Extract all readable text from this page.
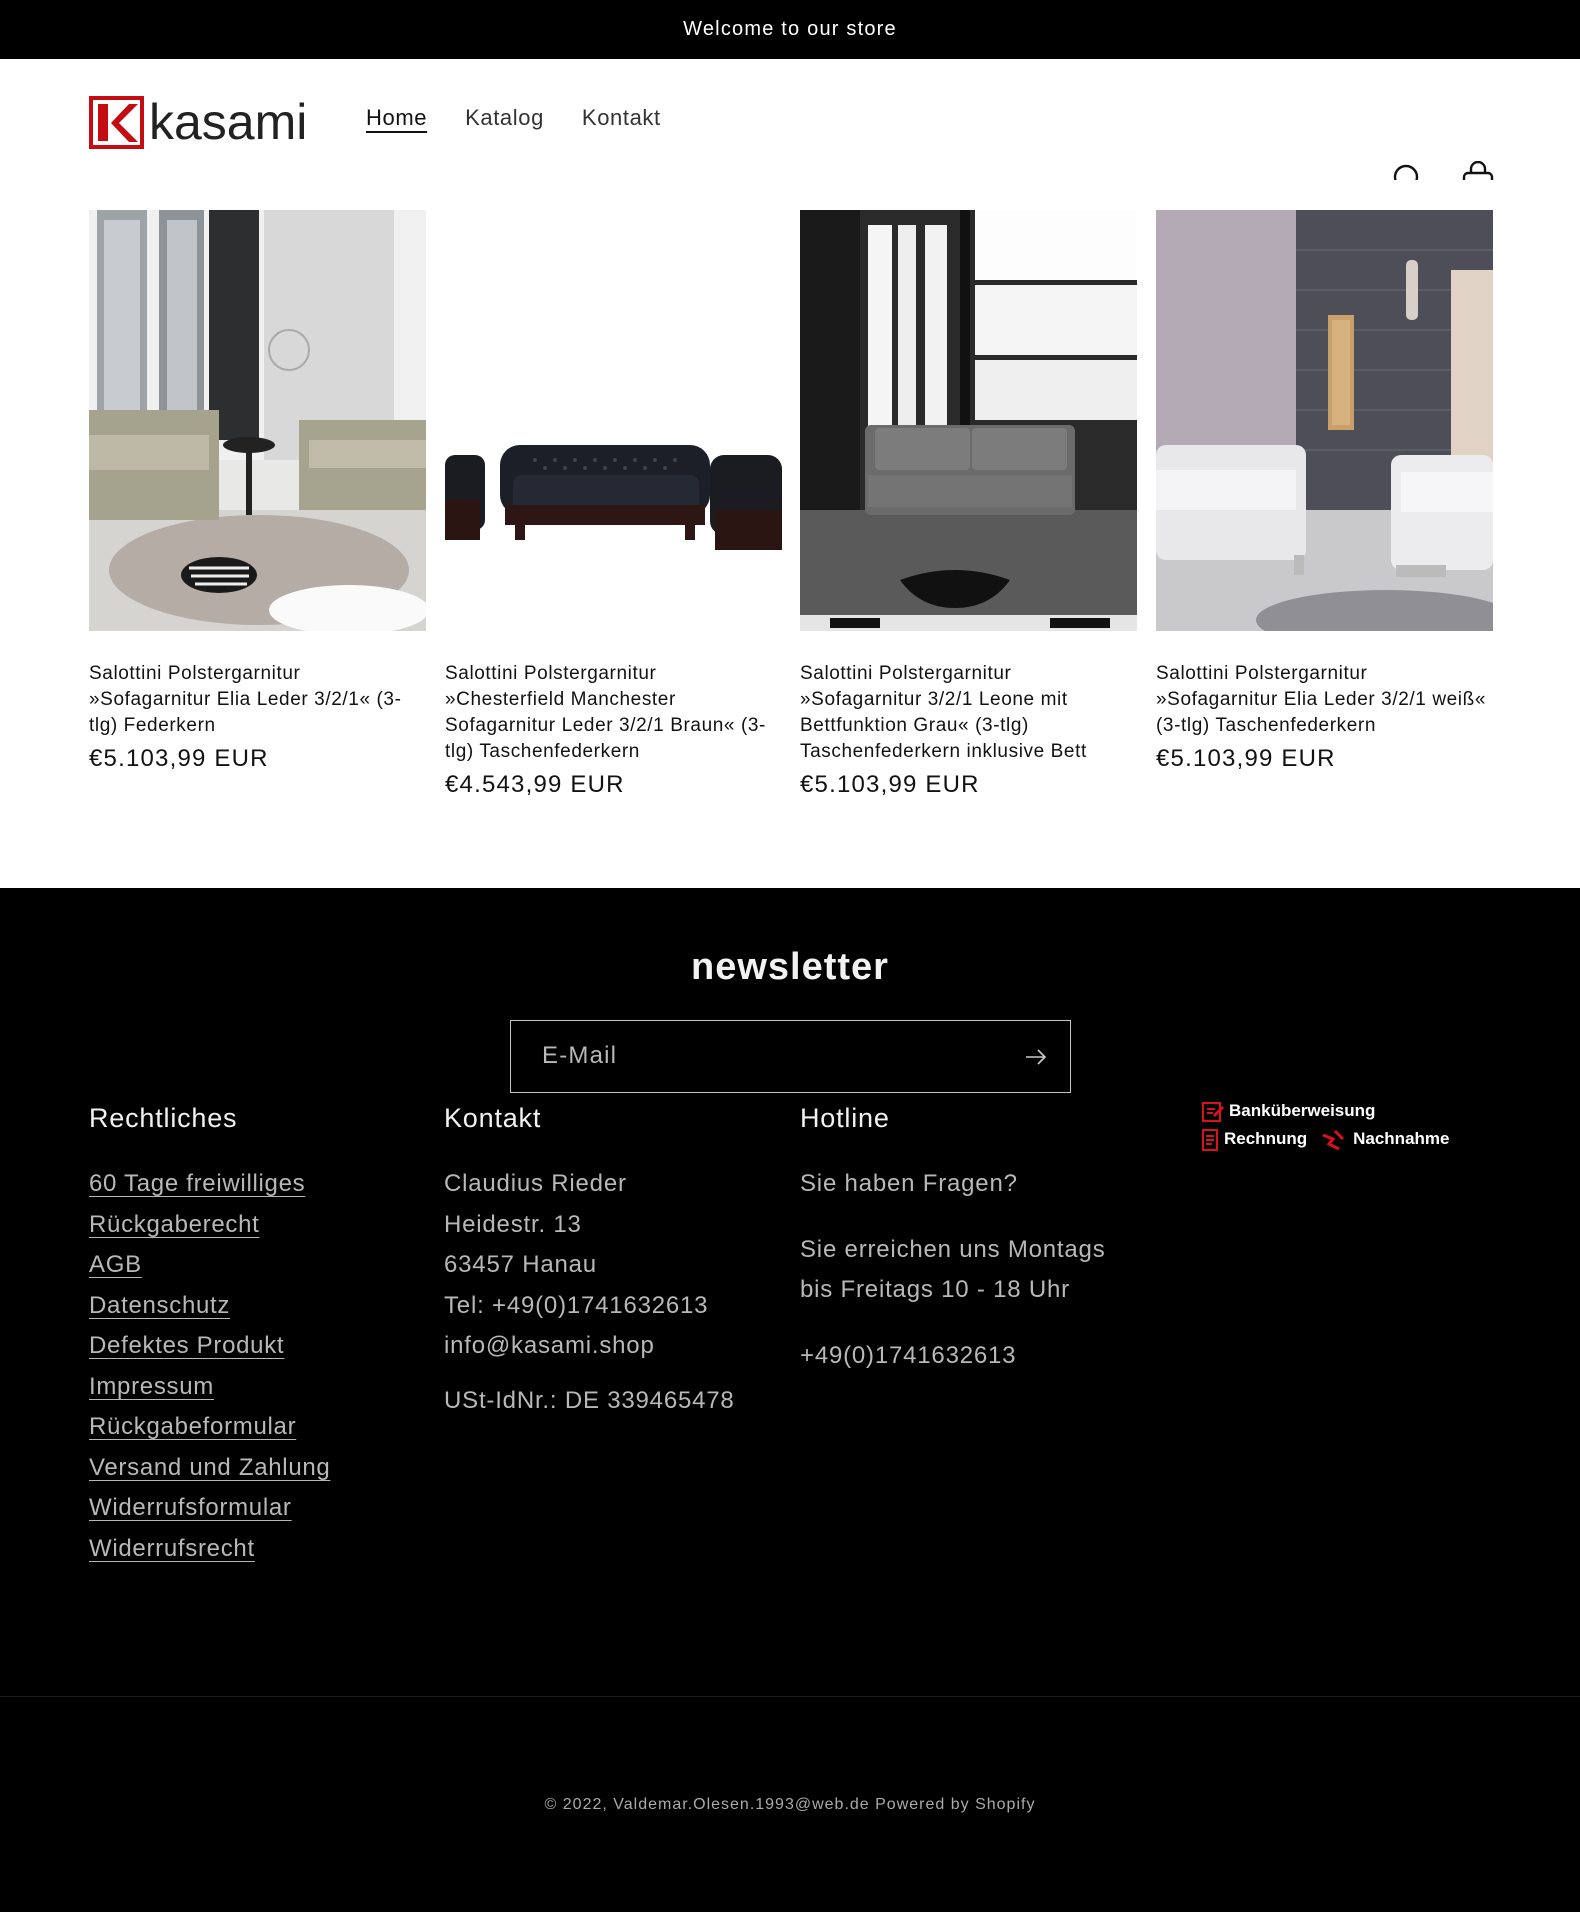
Welcome to our store
kasami	Home Katalog Kontakt
Salottini Polstergarnitur »Sofagarnitur Elia Leder 3/2/1« (3-tlg) Federkern
€5.103,99 EUR
Salottini Polstergarnitur »Chesterfield Manchester Sofagarnitur Leder 3/2/1 Braun« (3-tlg) Taschenfederkern
€4.543,99 EUR
Salottini Polstergarnitur »Sofagarnitur 3/2/1 Leone mit Bettfunktion Grau« (3-tlg) Taschenfederkern inklusive Bett
€5.103,99 EUR
Salottini Polstergarnitur »Sofagarnitur Elia Leder 3/2/1 weiß« (3-tlg) Taschenfederkern
€5.103,99 EUR
newsletter
E-Mail
Rechtliches
60 Tage freiwilliges
Rückgaberecht
AGB
Datenschutz
Defektes Produkt
Impressum
Rückgabeformular
Versand und Zahlung
Widerrufsformular
Widerrufsrecht
Kontakt

Claudius Rieder

Heidestr. 13

63457 Hanau

Tel: +49(0)1741632613

info@kasami.shop

USt-IdNr.: DE 339465478

Hotline

Sie haben Fragen?

Sie erreichen uns Montags bis Freitags 10 - 18 Uhr

+49(0)1741632613

Banküberweisung
Rechnung	Nachnahme
© 2022, Valdemar.Olesen.1993@web.de Powered by Shopify
